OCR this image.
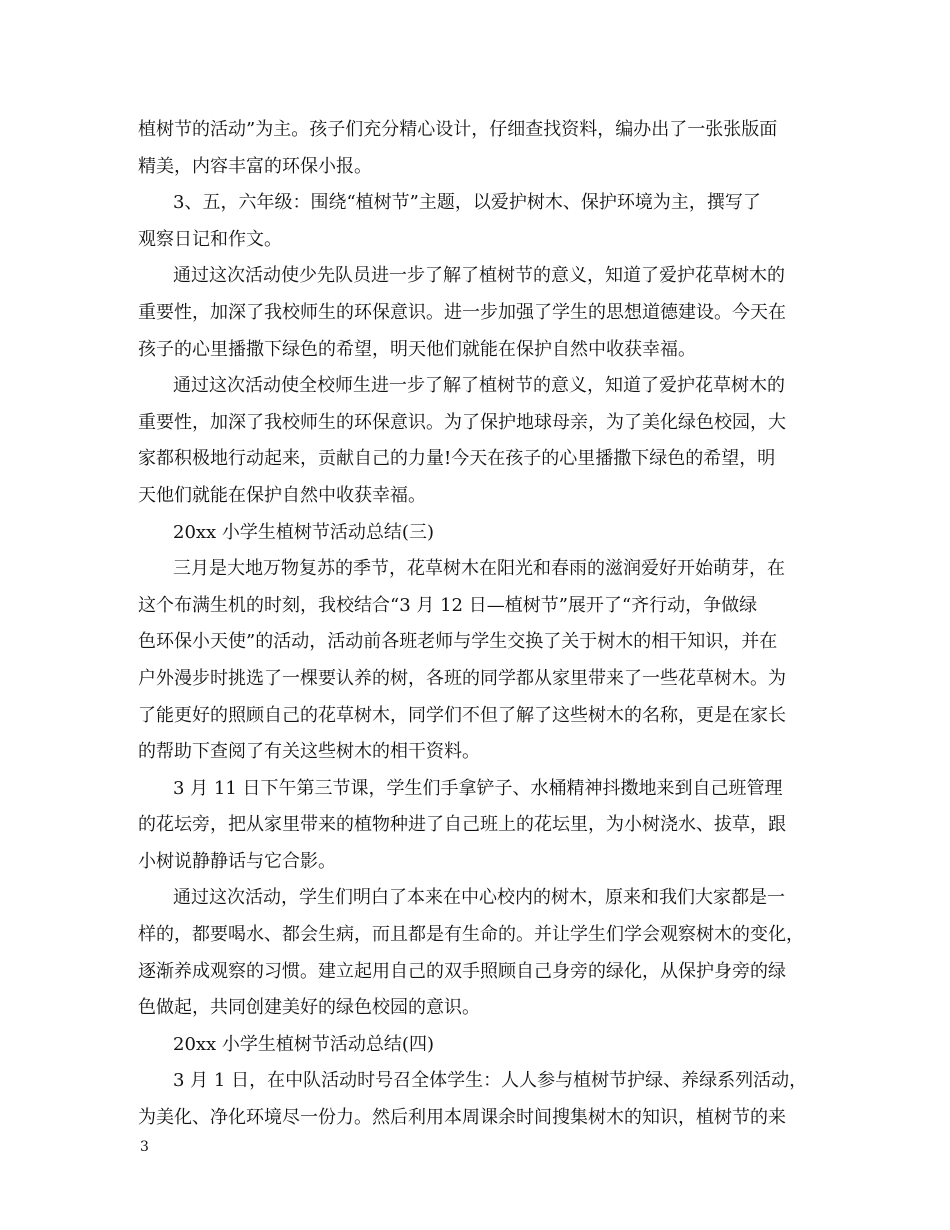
植树节的活动”为主。孩子们充分精心设计，仔细查找资料，编办出了一张张版面
精美，内容丰富的环保小报。
3、五，六年级：围绕“植树节”主题，以爱护树木、保护环境为主，撰写了
观察日记和作文。
通过这次活动使少先队员进一步了解了植树节的意义，知道了爱护花草树木的
重要性，加深了我校师生的环保意识。进一步加强了学生的思想道德建设。今天在
孩子的心里播撒下绿色的希望，明天他们就能在保护自然中收获幸福。
通过这次活动使全校师生进一步了解了植树节的意义，知道了爱护花草树木的
重要性，加深了我校师生的环保意识。为了保护地球母亲，为了美化绿色校园，大
家都积极地行动起来，贡献自己的力量!今天在孩子的心里播撒下绿色的希望，明
天他们就能在保护自然中收获幸福。
20xx 小学生植树节活动总结(三)
三月是大地万物复苏的季节，花草树木在阳光和春雨的滋润爱好开始萌芽，在
这个布满生机的时刻，我校结合“3 月 12 日—植树节”展开了“齐行动，争做绿
色环保小天使”的活动，活动前各班老师与学生交换了关于树木的相干知识，并在
户外漫步时挑选了一棵要认养的树，各班的同学都从家里带来了一些花草树木。为
了能更好的照顾自己的花草树木，同学们不但了解了这些树木的名称，更是在家长
的帮助下查阅了有关这些树木的相干资料。
3 月 11 日下午第三节课，学生们手拿铲子、水桶精神抖擞地来到自己班管理
的花坛旁，把从家里带来的植物种进了自己班上的花坛里，为小树浇水、拔草，跟
小树说静静话与它合影。
通过这次活动，学生们明白了本来在中心校内的树木，原来和我们大家都是一
样的，都要喝水、都会生病，而且都是有生命的。并让学生们学会观察树木的变化，
逐渐养成观察的习惯。建立起用自己的双手照顾自己身旁的绿化，从保护身旁的绿
色做起，共同创建美好的绿色校园的意识。
20xx 小学生植树节活动总结(四)
3 月 1 日，在中队活动时号召全体学生：人人参与植树节护绿、养绿系列活动，
为美化、净化环境尽一份力。然后利用本周课余时间搜集树木的知识，植树节的来
3
